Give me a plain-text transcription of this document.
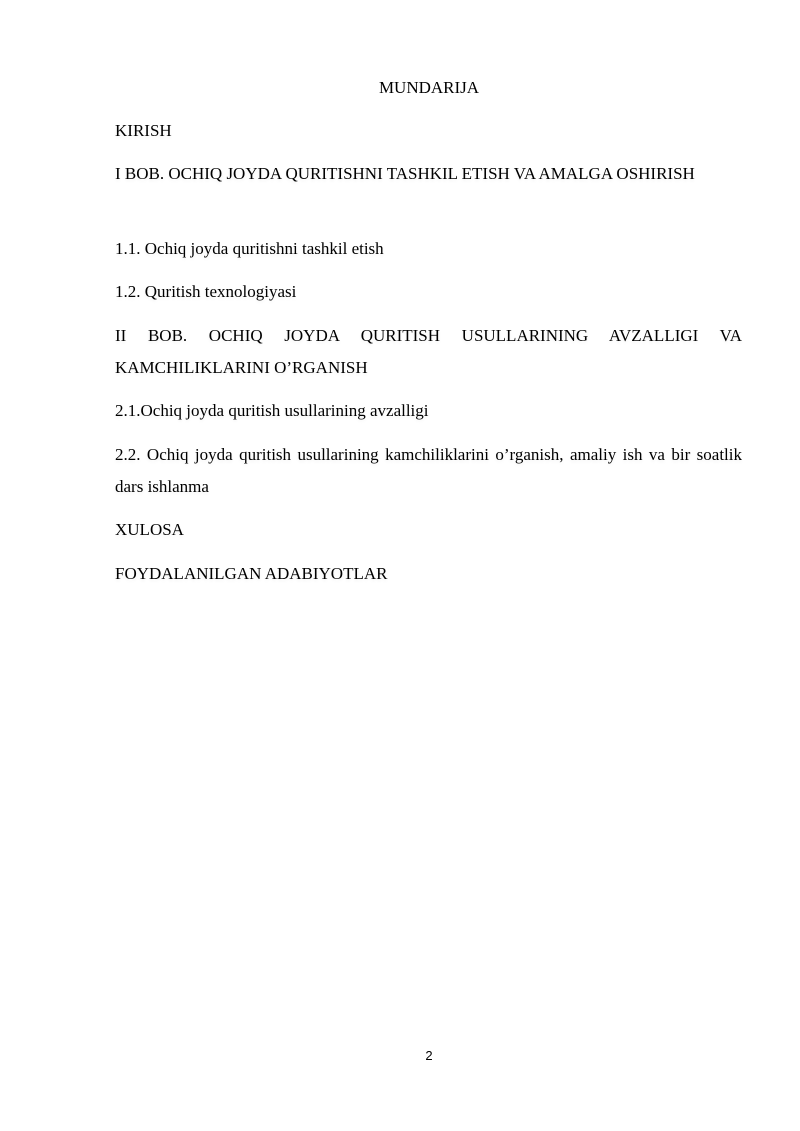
MUNDARIJA
KIRISH
I BOB. OCHIQ JOYDA QURITISHNI TASHKIL ETISH VA AMALGA OSHIRISH
1.1. Ochiq joyda quritishni tashkil etish
1.2. Quritish texnologiyasi
II BOB. OCHIQ JOYDA QURITISH USULLARINING AVZALLIGI VA KAMCHILIKLARINI O’RGANISH
2.1.Ochiq joyda quritish usullarining avzalligi
2.2. Ochiq joyda quritish usullarining kamchiliklarini o’rganish, amaliy ish va bir soatlik dars ishlanma
XULOSA
FOYDALANILGAN ADABIYOTLAR
2
